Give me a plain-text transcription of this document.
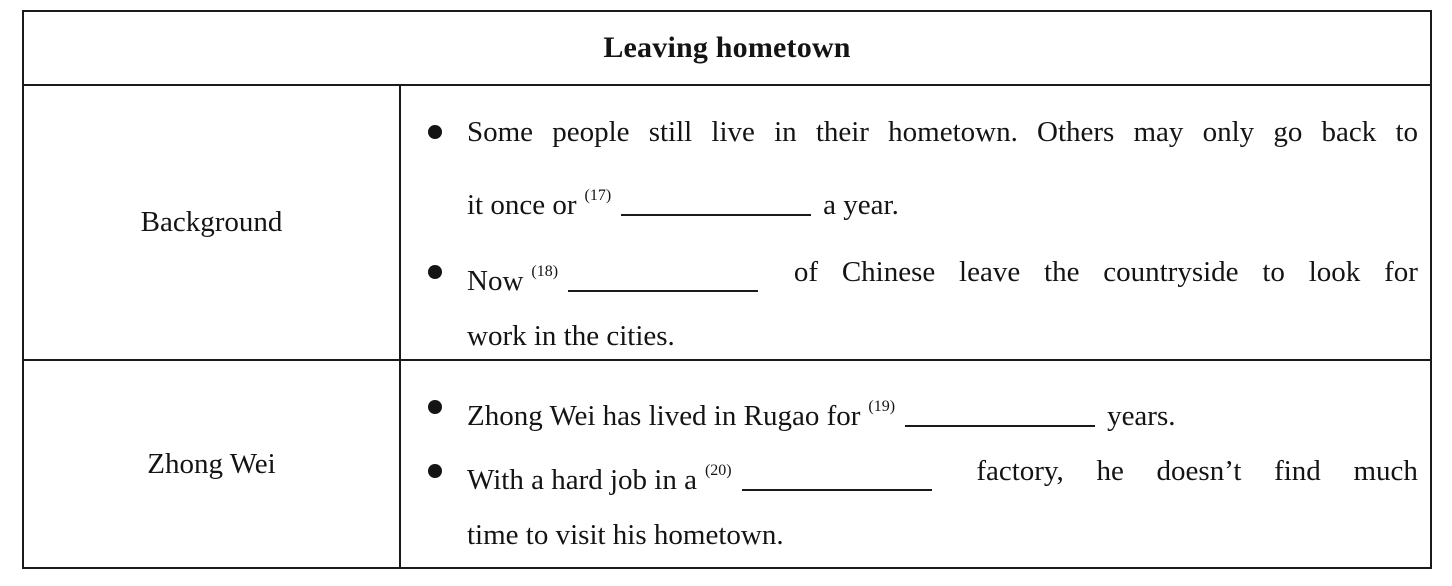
Leaving hometown
Background
Some people still live in their hometown. Others may only go back to
it once or $^{(17)}$	a year.
Now $^{(18)}$	of Chinese leave the countryside to look for
work in the cities.
Zhong Wei
Zhong Wei has lived in Rugao for $^{(19)}$	years.
With a hard job in a $^{(20)}$	factory, he doesn’t find much
time to visit his hometown.
